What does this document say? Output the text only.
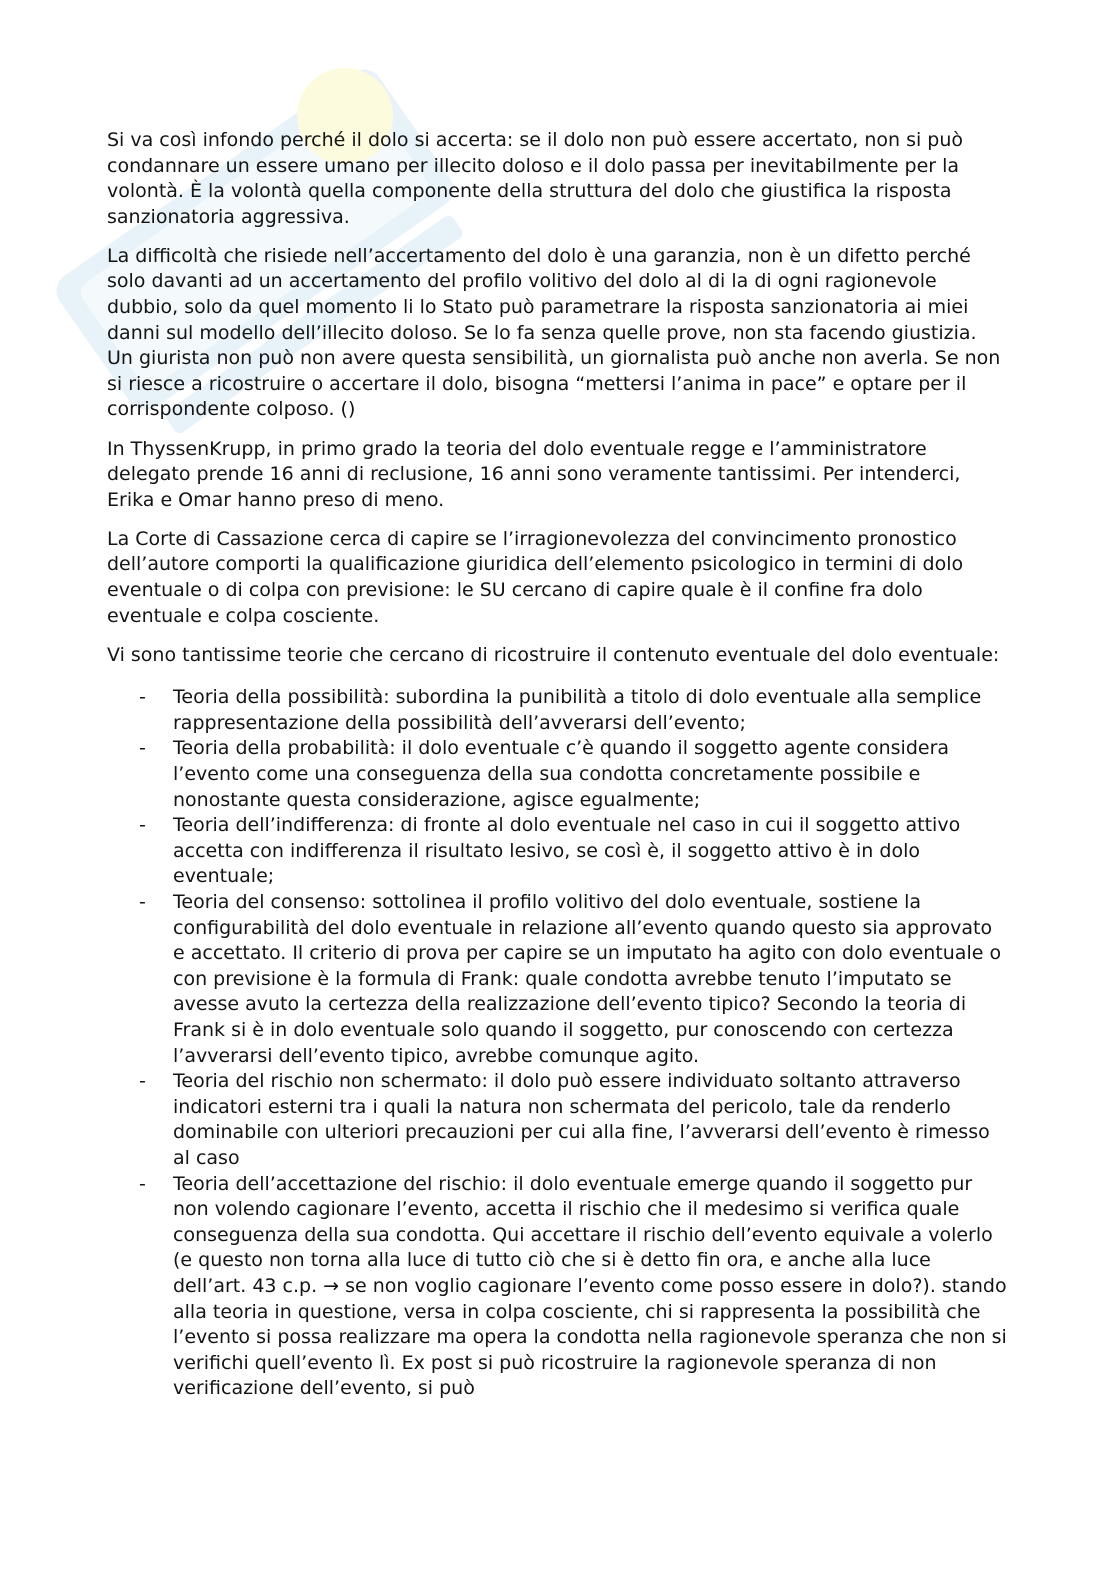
Si va così infondo perché il dolo si accerta: se il dolo non può essere accertato, non si può condannare un essere umano per illecito doloso e il dolo passa per inevitabilmente per la volontà. È la volontà quella componente della struttura del dolo che giustifica la risposta sanzionatoria aggressiva.

La difficoltà che risiede nell’accertamento del dolo è una garanzia, non è un difetto perché solo davanti ad un accertamento del profilo volitivo del dolo al di la di ogni ragionevole dubbio, solo da quel momento li lo Stato può parametrare la risposta sanzionatoria ai miei danni sul modello dell’illecito doloso. Se lo fa senza quelle prove, non sta facendo giustizia. Un giurista non può non avere questa sensibilità, un giornalista può anche non averla. Se non si riesce a ricostruire o accertare il dolo, bisogna “mettersi l’anima in pace” e optare per il corrispondente colposo. ()

In ThyssenKrupp, in primo grado la teoria del dolo eventuale regge e l’amministratore delegato prende 16 anni di reclusione, 16 anni sono veramente tantissimi. Per intenderci, Erika e Omar hanno preso di meno.

La Corte di Cassazione cerca di capire se l’irragionevolezza del convincimento pronostico dell’autore comporti la qualificazione giuridica dell’elemento psicologico in termini di dolo eventuale o di colpa con previsione: le SU cercano di capire quale è il confine fra dolo eventuale e colpa cosciente.

Vi sono tantissime teorie che cercano di ricostruire il contenuto eventuale del dolo eventuale:

- Teoria della possibilità: subordina la punibilità a titolo di dolo eventuale alla semplice rappresentazione della possibilità dell’avverarsi dell’evento;
- Teoria della probabilità: il dolo eventuale c’è quando il soggetto agente considera l’evento come una conseguenza della sua condotta concretamente possibile e nonostante questa considerazione, agisce egualmente;
- Teoria dell’indifferenza: di fronte al dolo eventuale nel caso in cui il soggetto attivo accetta con indifferenza il risultato lesivo, se così è, il soggetto attivo è in dolo eventuale;
- Teoria del consenso: sottolinea il profilo volitivo del dolo eventuale, sostiene la configurabilità del dolo eventuale in relazione all’evento quando questo sia approvato e accettato. Il criterio di prova per capire se un imputato ha agito con dolo eventuale o con previsione è la formula di Frank: quale condotta avrebbe tenuto l’imputato se avesse avuto la certezza della realizzazione dell’evento tipico? Secondo la teoria di Frank si è in dolo eventuale solo quando il soggetto, pur conoscendo con certezza l’avverarsi dell’evento tipico, avrebbe comunque agito.
- Teoria del rischio non schermato: il dolo può essere individuato soltanto attraverso indicatori esterni tra i quali la natura non schermata del pericolo, tale da renderlo dominabile con ulteriori precauzioni per cui alla fine, l’avverarsi dell’evento è rimesso al caso
- Teoria dell’accettazione del rischio: il dolo eventuale emerge quando il soggetto pur non volendo cagionare l’evento, accetta il rischio che il medesimo si verifica quale conseguenza della sua condotta. Qui accettare il rischio dell’evento equivale a volerlo (e questo non torna alla luce di tutto ciò che si è detto fin ora, e anche alla luce dell’art. 43 c.p. → se non voglio cagionare l’evento come posso essere in dolo?). stando alla teoria in questione, versa in colpa cosciente, chi si rappresenta la possibilità che l’evento si possa realizzare ma opera la condotta nella ragionevole speranza che non si verifichi quell’evento lì. Ex post si può ricostruire la ragionevole speranza di non verificazione dell’evento, si può
